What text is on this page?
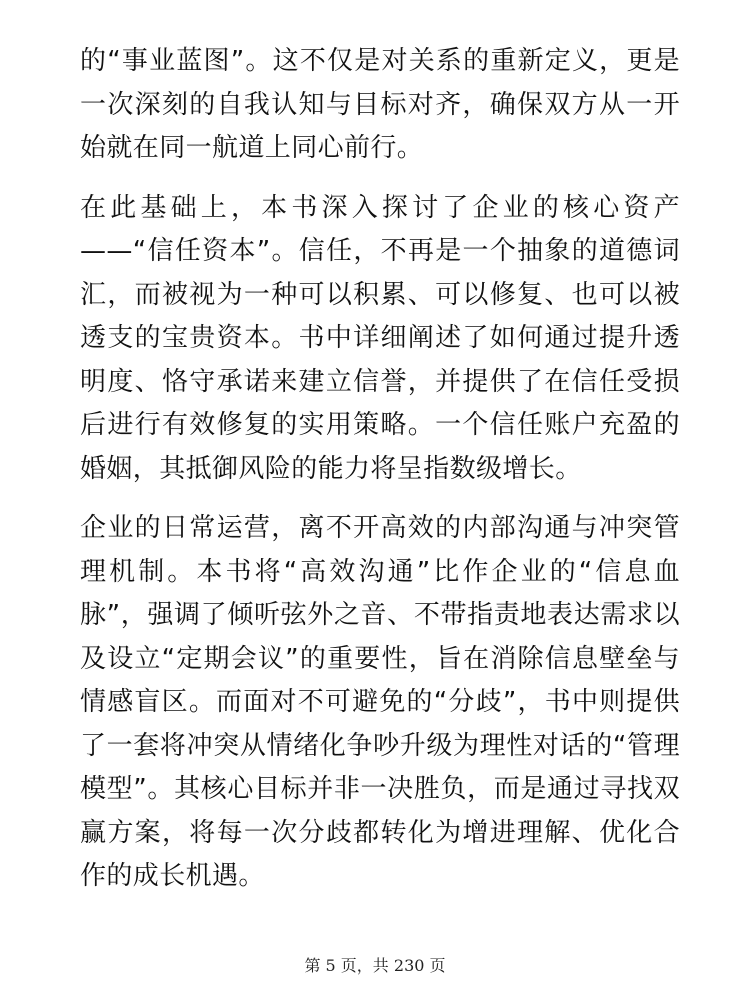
的“事业蓝图”。这不仅是对关系的重新定义，更是一次深刻的自我认知与目标对齐，确保双方从一开始就在同一航道上同心前行。

在此基础上，本书深入探讨了企业的核心资产——“信任资本”。信任，不再是一个抽象的道德词汇，而被视为一种可以积累、可以修复、也可以被透支的宝贵资本。书中详细阐述了如何通过提升透明度、恪守承诺来建立信誉，并提供了在信任受损后进行有效修复的实用策略。一个信任账户充盈的婚姻，其抵御风险的能力将呈指数级增长。

企业的日常运营，离不开高效的内部沟通与冲突管理机制。本书将“高效沟通”比作企业的“信息血脉”，强调了倾听弦外之音、不带指责地表达需求以及设立“定期会议”的重要性，旨在消除信息壁垒与情感盲区。而面对不可避免的“分歧”，书中则提供了一套将冲突从情绪化争吵升级为理性对话的“管理模型”。其核心目标并非一决胜负，而是通过寻找双赢方案，将每一次分歧都转化为增进理解、优化合作的成长机遇。

第 5 页，共 230 页
